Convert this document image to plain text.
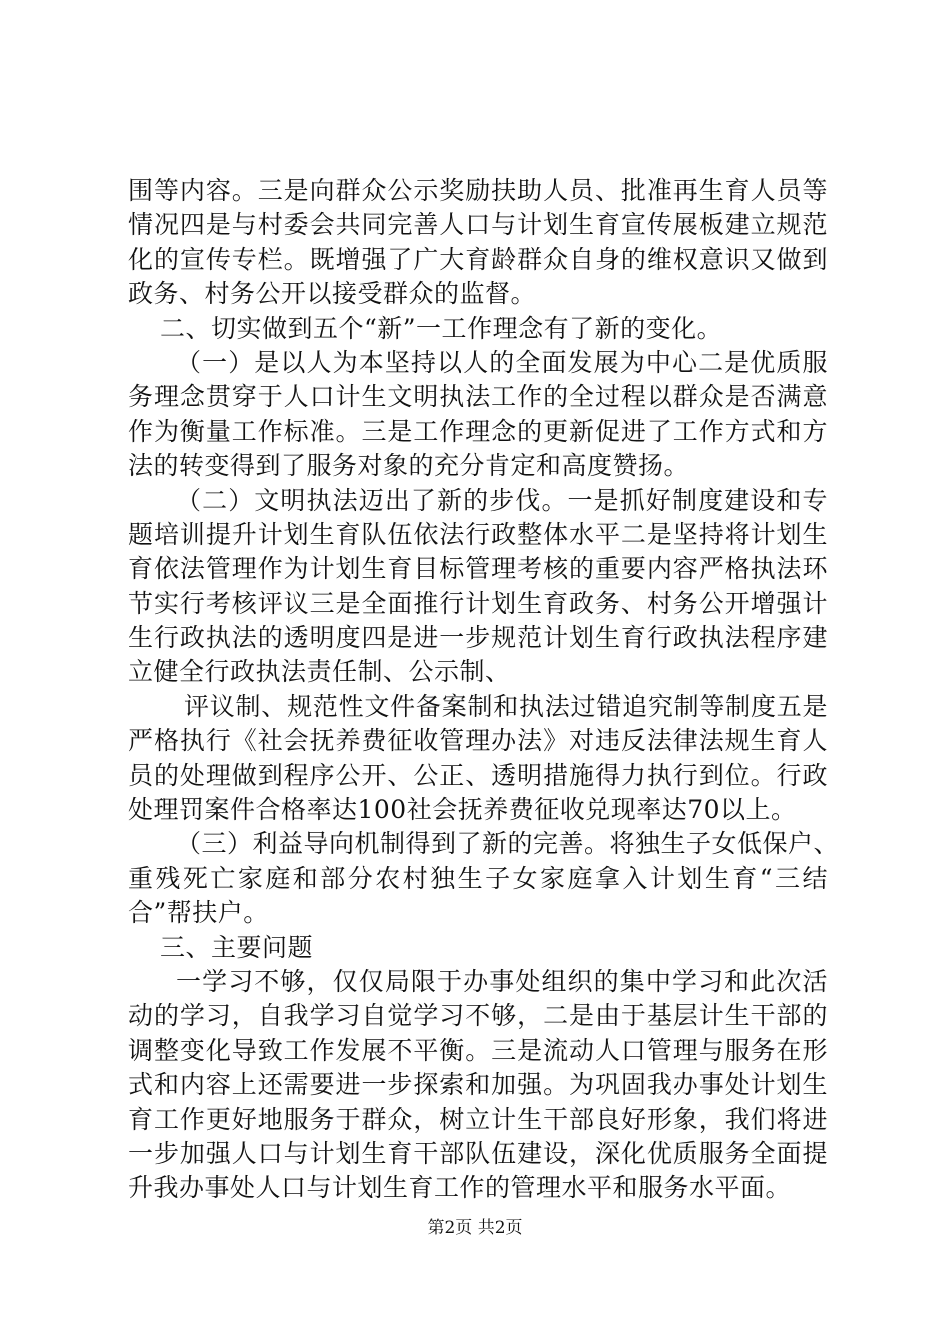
围等内容。三是向群众公示奖励扶助人员、批准再生育人员等
情况四是与村委会共同完善人口与计划生育宣传展板建立规范
化的宣传专栏。既增强了广大育龄群众自身的维权意识又做到
政务、村务公开以接受群众的监督。
二、切实做到五个“新”一工作理念有了新的变化。
（一）是以人为本坚持以人的全面发展为中心二是优质服
务理念贯穿于人口计生文明执法工作的全过程以群众是否满意
作为衡量工作标准。三是工作理念的更新促进了工作方式和方
法的转变得到了服务对象的充分肯定和高度赞扬。
（二）文明执法迈出了新的步伐。一是抓好制度建设和专
题培训提升计划生育队伍依法行政整体水平二是坚持将计划生
育依法管理作为计划生育目标管理考核的重要内容严格执法环
节实行考核评议三是全面推行计划生育政务、村务公开增强计
生行政执法的透明度四是进一步规范计划生育行政执法程序建
立健全行政执法责任制、公示制、
评议制、规范性文件备案制和执法过错追究制等制度五是
严格执行《社会抚养费征收管理办法》对违反法律法规生育人
员的处理做到程序公开、公正、透明措施得力执行到位。行政
处理罚案件合格率达100社会抚养费征收兑现率达70以上。
（三）利益导向机制得到了新的完善。将独生子女低保户、
重残死亡家庭和部分农村独生子女家庭拿入计划生育“三结
合”帮扶户。
三、主要问题
一学习不够，仅仅局限于办事处组织的集中学习和此次活
动的学习，自我学习自觉学习不够，二是由于基层计生干部的
调整变化导致工作发展不平衡。三是流动人口管理与服务在形
式和内容上还需要进一步探索和加强。为巩固我办事处计划生
育工作更好地服务于群众，树立计生干部良好形象，我们将进
一步加强人口与计划生育干部队伍建设，深化优质服务全面提
升我办事处人口与计划生育工作的管理水平和服务水平面。
第2页 共2页
